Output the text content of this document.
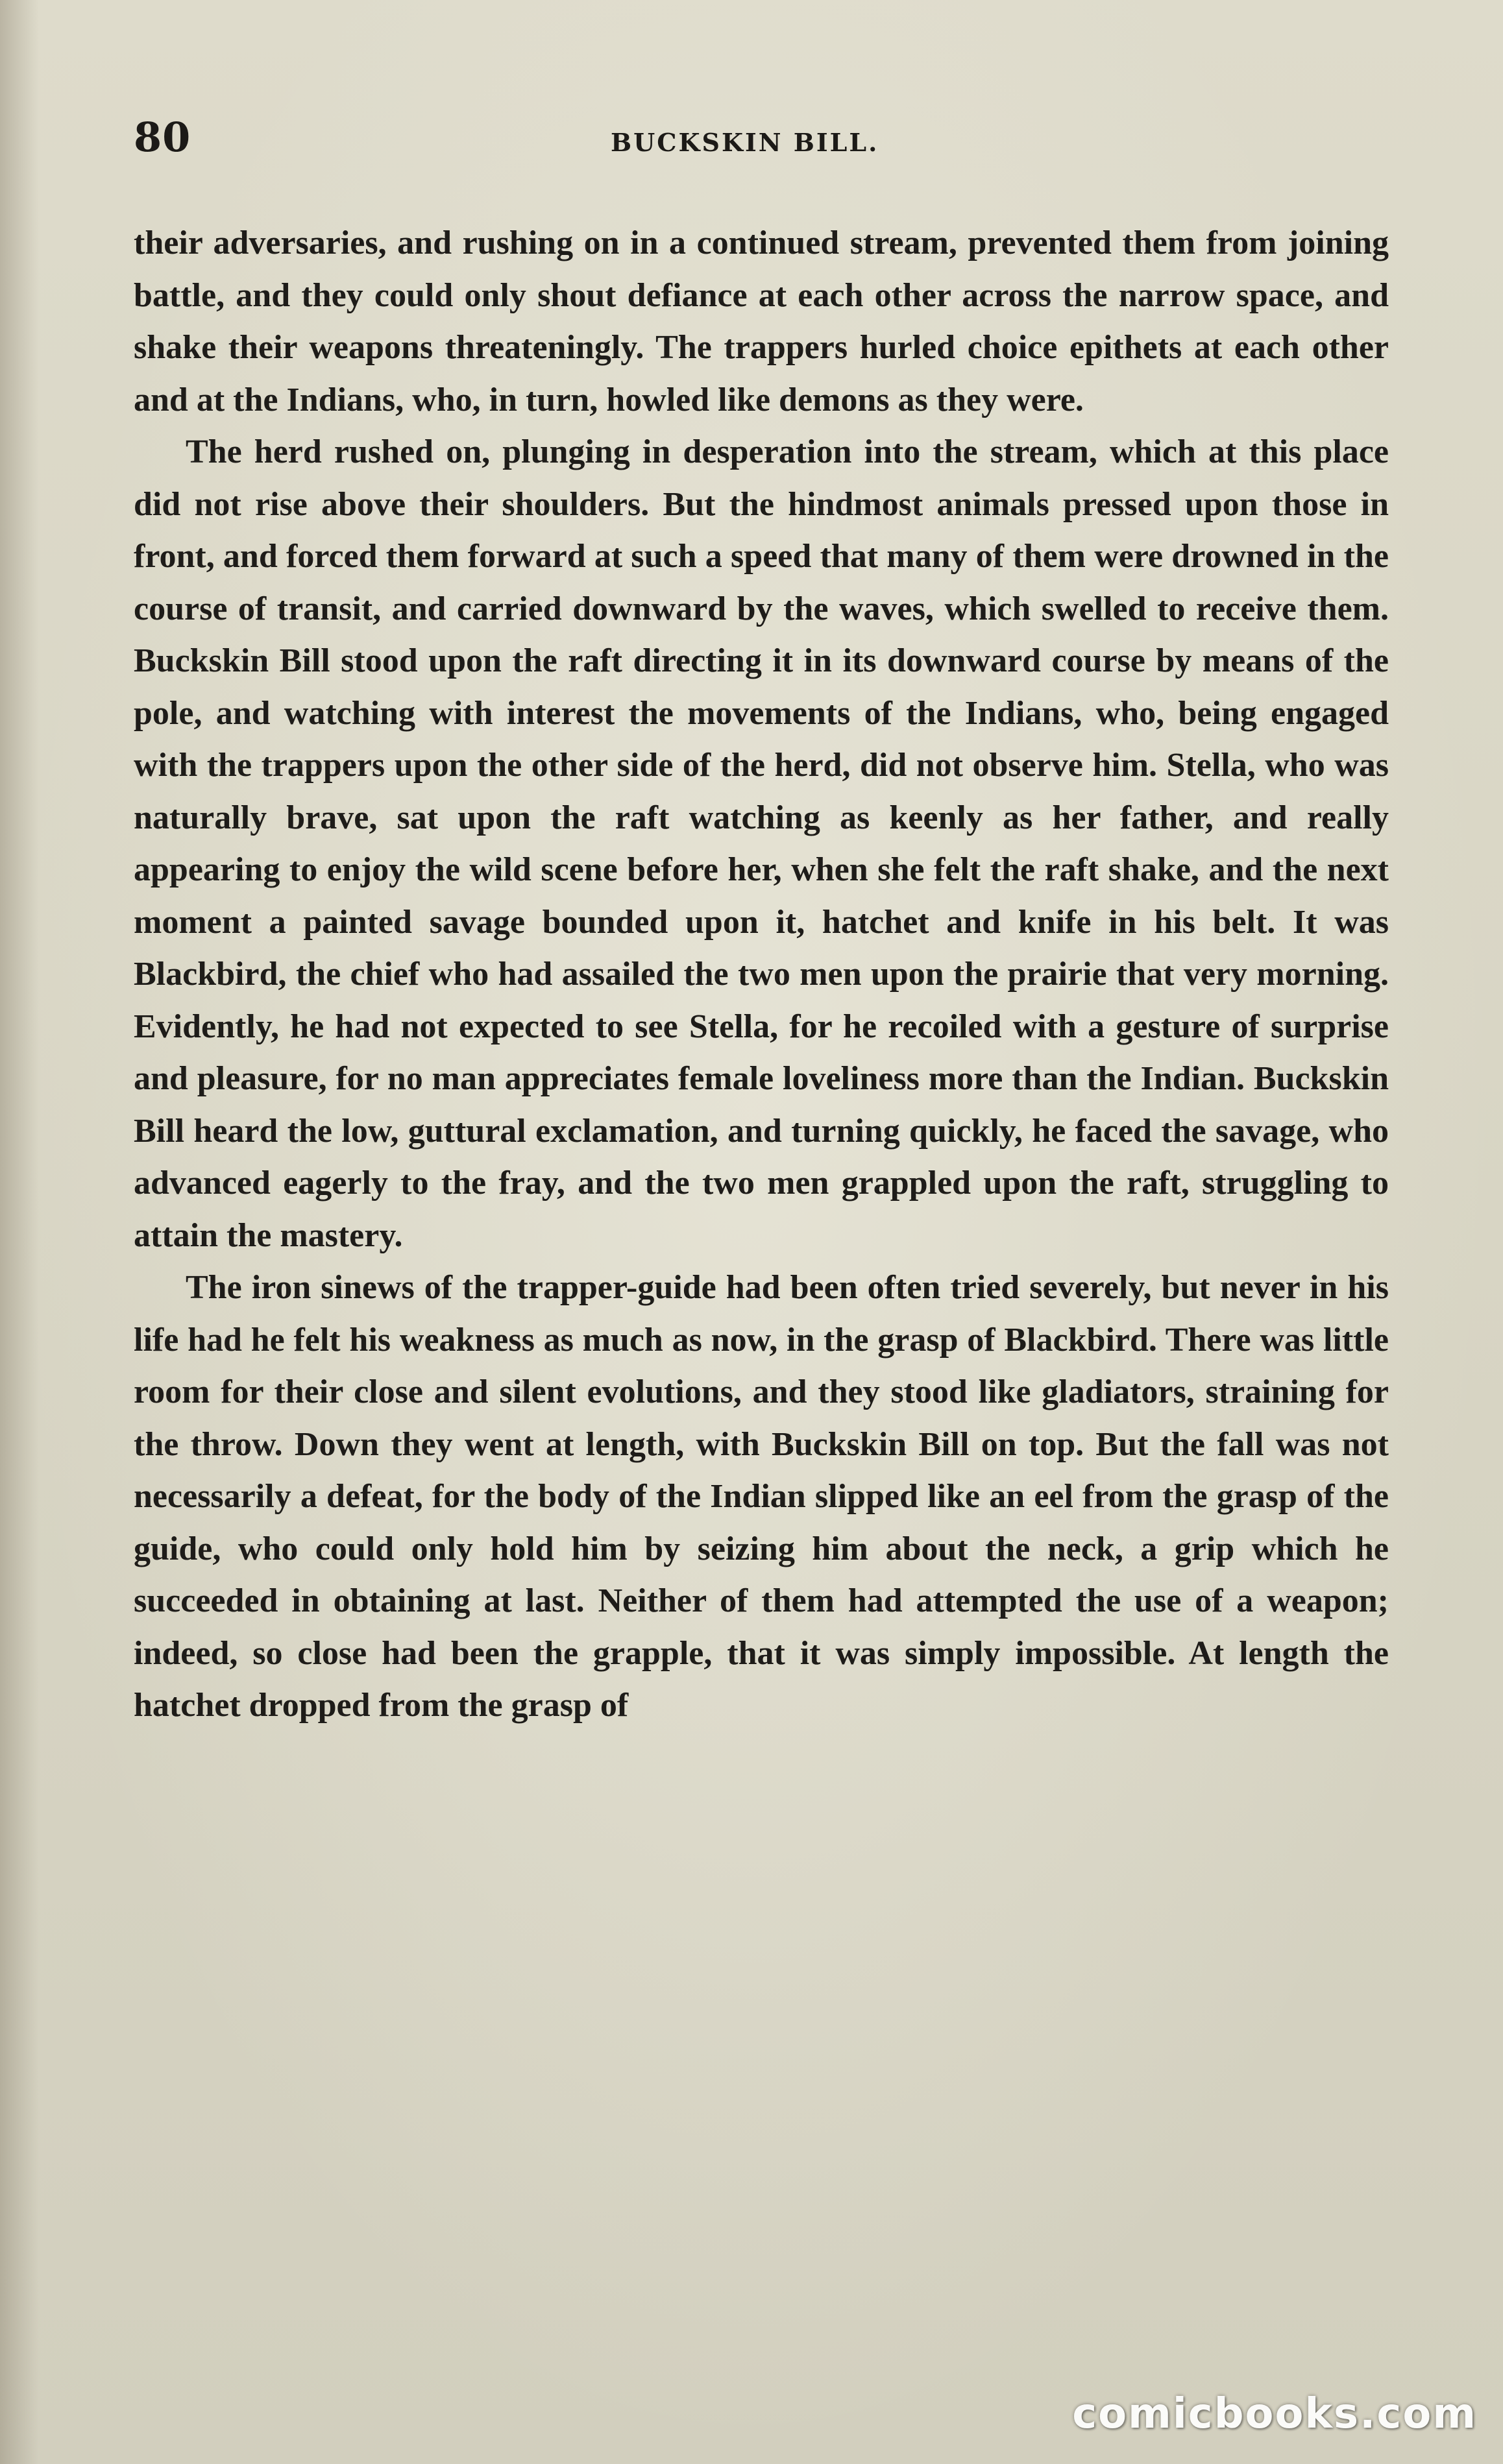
80	BUCKSKIN BILL.

their adversaries, and rushing on in a continued stream, prevented them from joining battle, and they could only shout defiance at each other across the narrow space, and shake their weapons threateningly. The trappers hurled choice epithets at each other and at the Indians, who, in turn, howled like demons as they were.

The herd rushed on, plunging in desperation into the stream, which at this place did not rise above their shoulders. But the hindmost animals pressed upon those in front, and forced them forward at such a speed that many of them were drowned in the course of transit, and carried downward by the waves, which swelled to receive them. Buckskin Bill stood upon the raft directing it in its downward course by means of the pole, and watching with interest the movements of the Indians, who, being engaged with the trappers upon the other side of the herd, did not observe him. Stella, who was naturally brave, sat upon the raft watching as keenly as her father, and really appearing to enjoy the wild scene before her, when she felt the raft shake, and the next moment a painted savage bounded upon it, hatchet and knife in his belt. It was Blackbird, the chief who had assailed the two men upon the prairie that very morning. Evidently, he had not expected to see Stella, for he recoiled with a gesture of surprise and pleasure, for no man appreciates female loveliness more than the Indian. Buckskin Bill heard the low, guttural exclamation, and turning quickly, he faced the savage, who advanced eagerly to the fray, and the two men grappled upon the raft, struggling to attain the mastery.

The iron sinews of the trapper-guide had been often tried severely, but never in his life had he felt his weakness as much as now, in the grasp of Blackbird. There was little room for their close and silent evolutions, and they stood like gladiators, straining for the throw. Down they went at length, with Buckskin Bill on top. But the fall was not necessarily a defeat, for the body of the Indian slipped like an eel from the grasp of the guide, who could only hold him by seizing him about the neck, a grip which he succeeded in obtaining at last. Neither of them had attempted the use of a weapon; indeed, so close had been the grapple, that it was simply impossible. At length the hatchet dropped from the grasp of

comicbooks.com
